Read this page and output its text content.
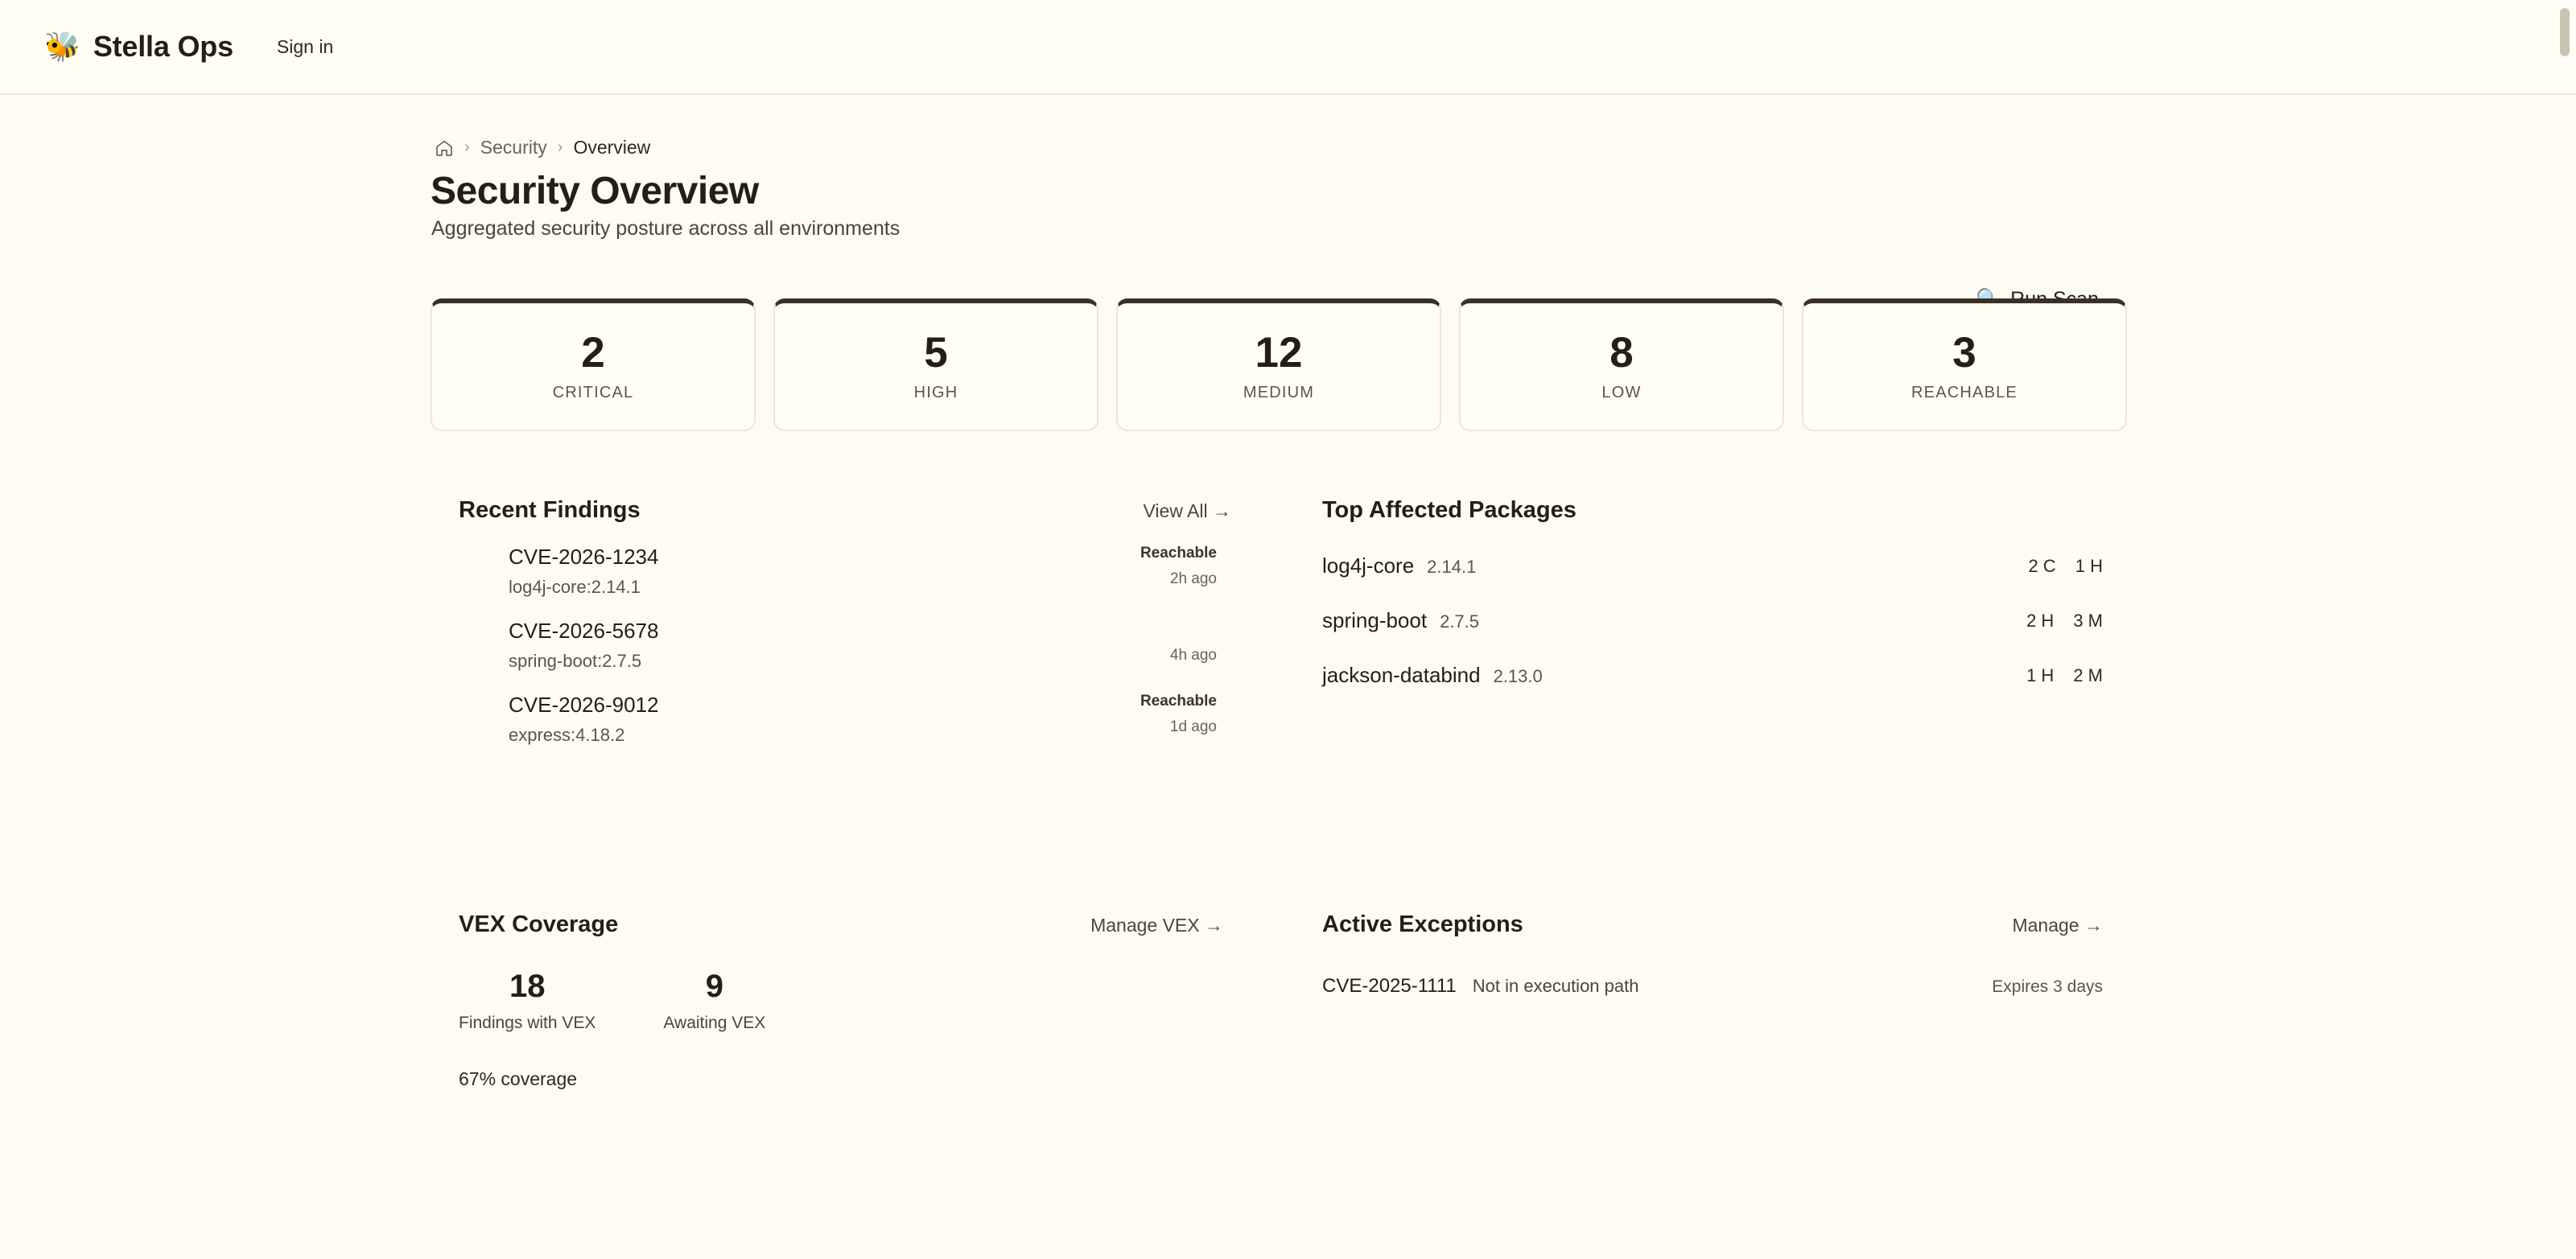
🐝 Stella Ops	Sign in
› Security › Overview
Security Overview
Aggregated security posture across all environments
2
CRITICAL
5
HIGH
12
MEDIUM
8
LOW
3
REACHABLE
Recent Findings	View All →
CVE-2026-1234
log4j-core:2.14.1
Reachable
2h ago
CVE-2026-5678
spring-boot:2.7.5	4h ago
CVE-2026-9012
express:4.18.2
Reachable
1d ago
Top Affected Packages
log4j-core 2.14.1	2 C 1 H
spring-boot 2.7.5	2 H 3 M
jackson-databind 2.13.0	1 H 2 M
VEX Coverage	Manage VEX →
18
Findings with VEX
9
Awaiting VEX
67% coverage
Active Exceptions	Manage →
CVE-2025-1111 Not in execution path	Expires 3 days
